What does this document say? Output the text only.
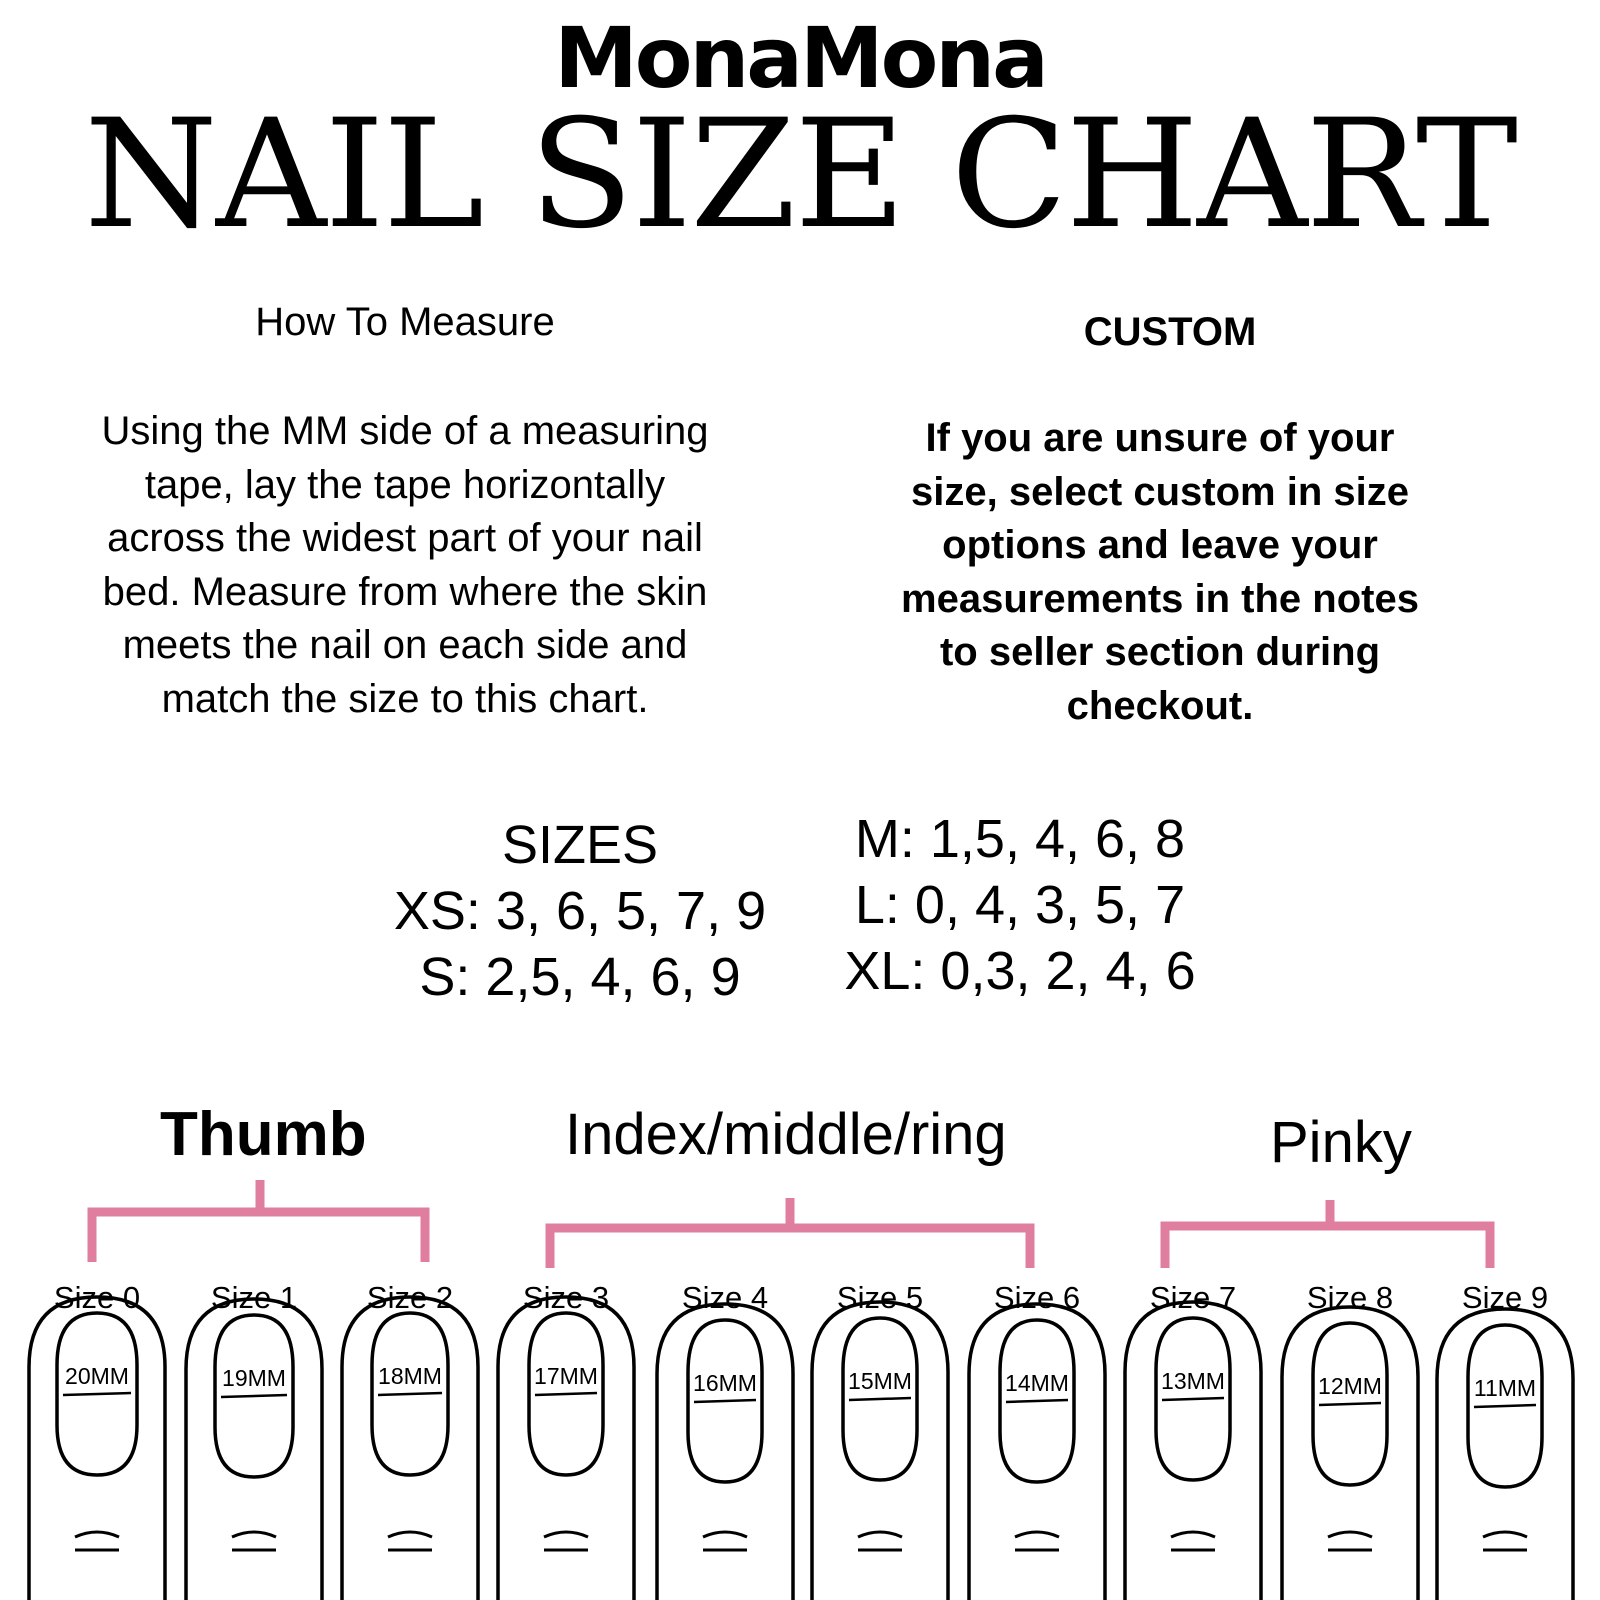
MonaMona
NAIL SIZE CHART
How To Measure
Using the MM side of a measuring
tape, lay the tape horizontally
across the widest part of your nail
bed. Measure from where the skin
meets the nail on each side and
match the size to this chart.
CUSTOM
If you are unsure of your
size, select custom in size
options and leave your
measurements in the notes
to seller section during
checkout.
SIZES
XS: 3, 6, 5, 7, 9
S: 2,5, 4, 6, 9
M: 1,5, 4, 6, 8
L: 0, 4, 3, 5, 7
XL: 0,3, 2, 4, 6
Thumb	Index/middle/ring	Pinky
Size 0
20MM
Size 1
19MM
Size 2
18MM
Size 3
17MM
Size 4
16MM
Size 5
15MM
Size 6
14MM
Size 7
13MM
Size 8
12MM
Size 9
11MM
